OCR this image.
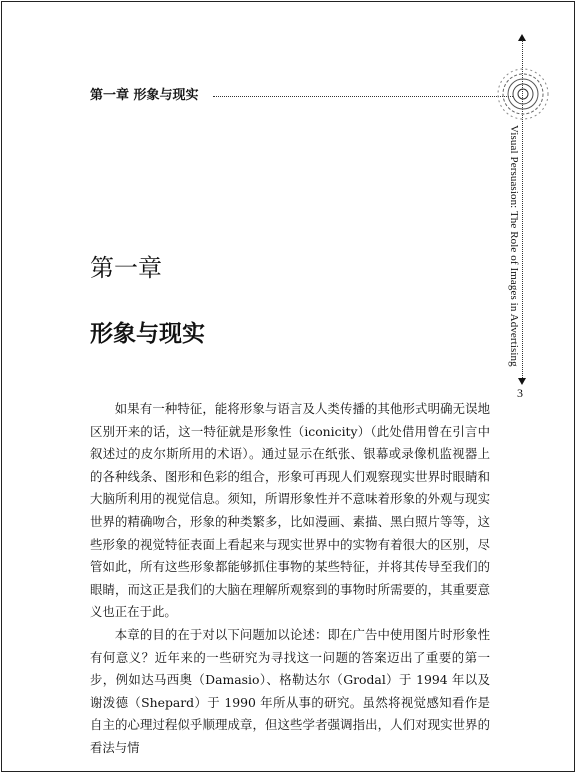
第一章 形象与现实
Visual Persuasion: The Role of Images in Advertising
3
第一章
形象与现实

如果有一种特征，能将形象与语言及人类传播的其他形式明确无误地区别开来的话，这一特征就是形象性（iconicity）（此处借用曾在引言中叙述过的皮尔斯所用的术语）。通过显示在纸张、银幕或录像机监视器上的各种线条、图形和色彩的组合，形象可再现人们观察现实世界时眼睛和大脑所利用的视觉信息。须知，所谓形象性并不意味着形象的外观与现实世界的精确吻合，形象的种类繁多，比如漫画、素描、黑白照片等等，这些形象的视觉特征表面上看起来与现实世界中的实物有着很大的区别，尽管如此，所有这些形象都能够抓住事物的某些特征，并将其传导至我们的眼睛，而这正是我们的大脑在理解所观察到的事物时所需要的，其重要意义也正在于此。

本章的目的在于对以下问题加以论述：即在广告中使用图片时形象性有何意义？近年来的一些研究为寻找这一问题的答案迈出了重要的第一步，例如达马西奥（Damasio）、格勒达尔（Grodal）于 1994 年以及谢泼德（Shepard）于 1990 年所从事的研究。虽然将视觉感知看作是自主的心理过程似乎顺理成章，但这些学者强调指出，人们对现实世界的看法与情
